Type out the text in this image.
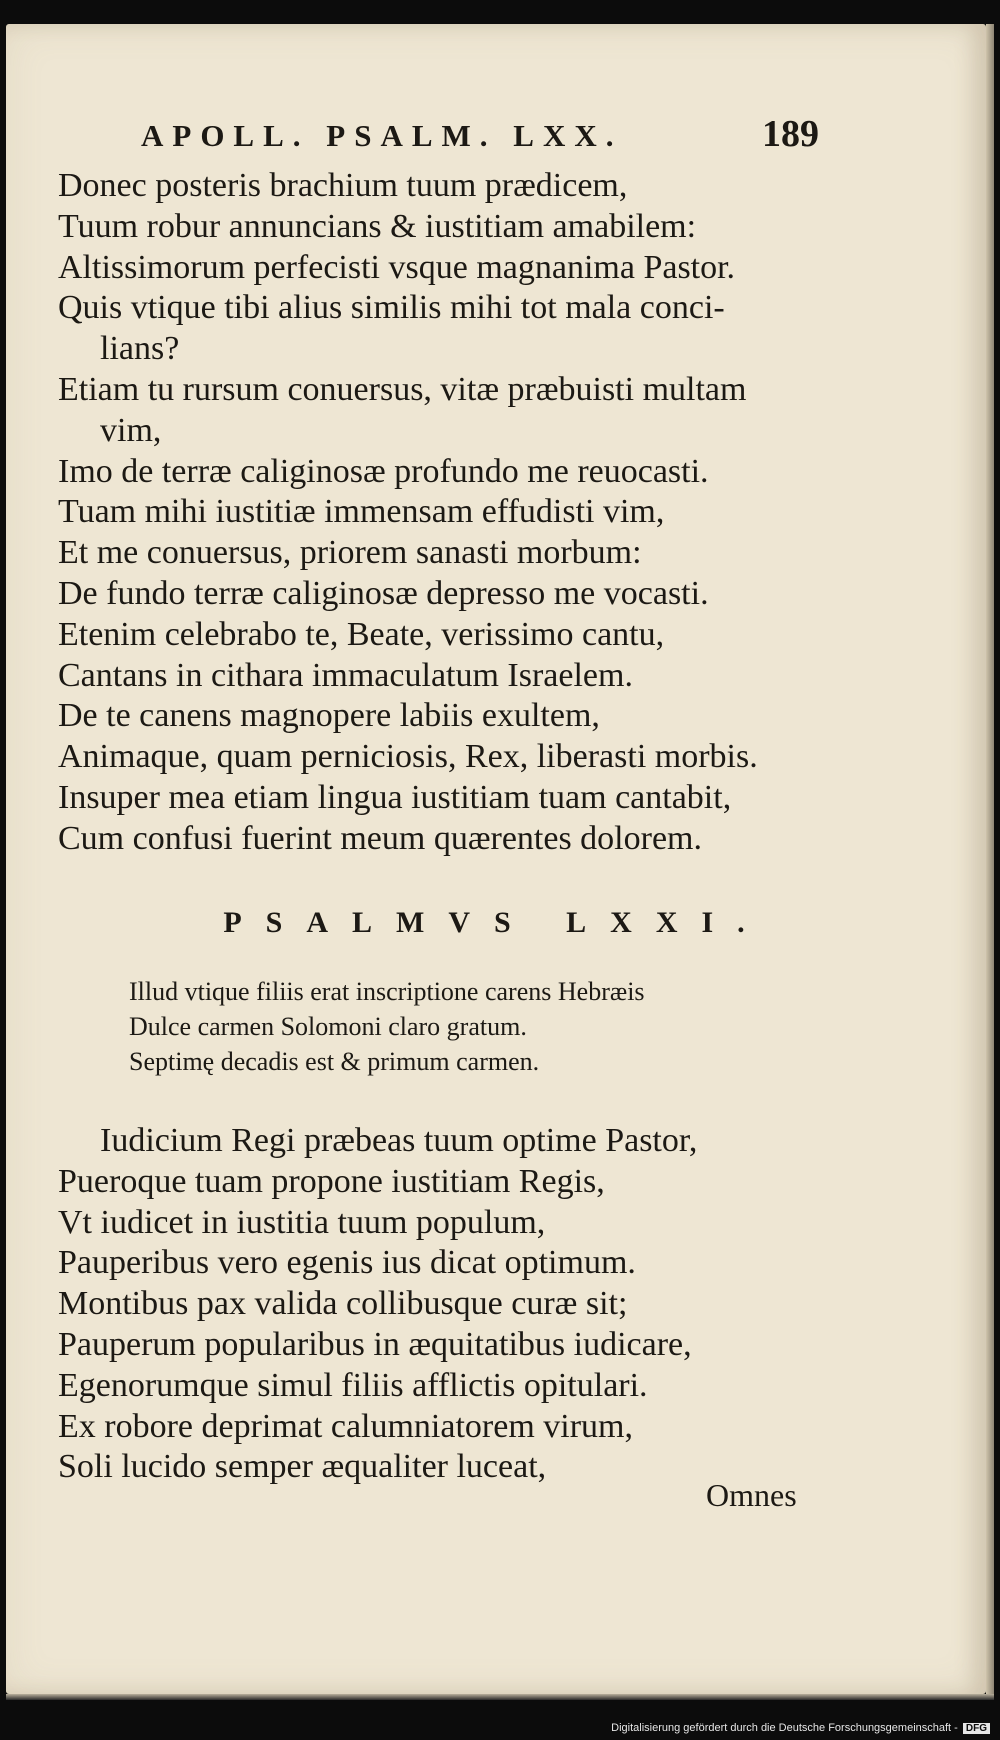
APOLL. PSALM. LXX.	189
Donec posteris brachium tuum prædicem,
Tuum robur annuncians & iustitiam amabilem:
Altissimorum perfecisti vsque magnanima Pastor.
Quis vtique tibi alius similis mihi tot mala conci-
lians?
Etiam tu rursum conuersus, vitæ præbuisti multam
vim,
Imo de terræ caliginosæ profundo me reuocasti.
Tuam mihi iustitiæ immensam effudisti vim,
Et me conuersus, priorem sanasti morbum:
De fundo terræ caliginosæ depresso me vocasti.
Etenim celebrabo te, Beate, verissimo cantu,
Cantans in cithara immaculatum Israelem.
De te canens magnopere labiis exultem,
Animaque, quam perniciosis, Rex, liberasti morbis.
Insuper mea etiam lingua iustitiam tuam cantabit,
Cum confusi fuerint meum quærentes dolorem.
PSALMVS LXXI.
Illud vtique filiis erat inscriptione carens Hebræis
Dulce carmen Solomoni claro gratum.
Septimę decadis est & primum carmen.
Iudicium Regi præbeas tuum optime Pastor,
Pueroque tuam propone iustitiam Regis,
Vt iudicet in iustitia tuum populum,
Pauperibus vero egenis ius dicat optimum.
Montibus pax valida collibusque curæ sit;
Pauperum popularibus in æquitatibus iudicare,
Egenorumque simul filiis afflictis opitulari.
Ex robore deprimat calumniatorem virum,
Soli lucido semper æqualiter luceat,
Omnes
Digitalisierung gefördert durch die Deutsche Forschungsgemeinschaft - DFG
